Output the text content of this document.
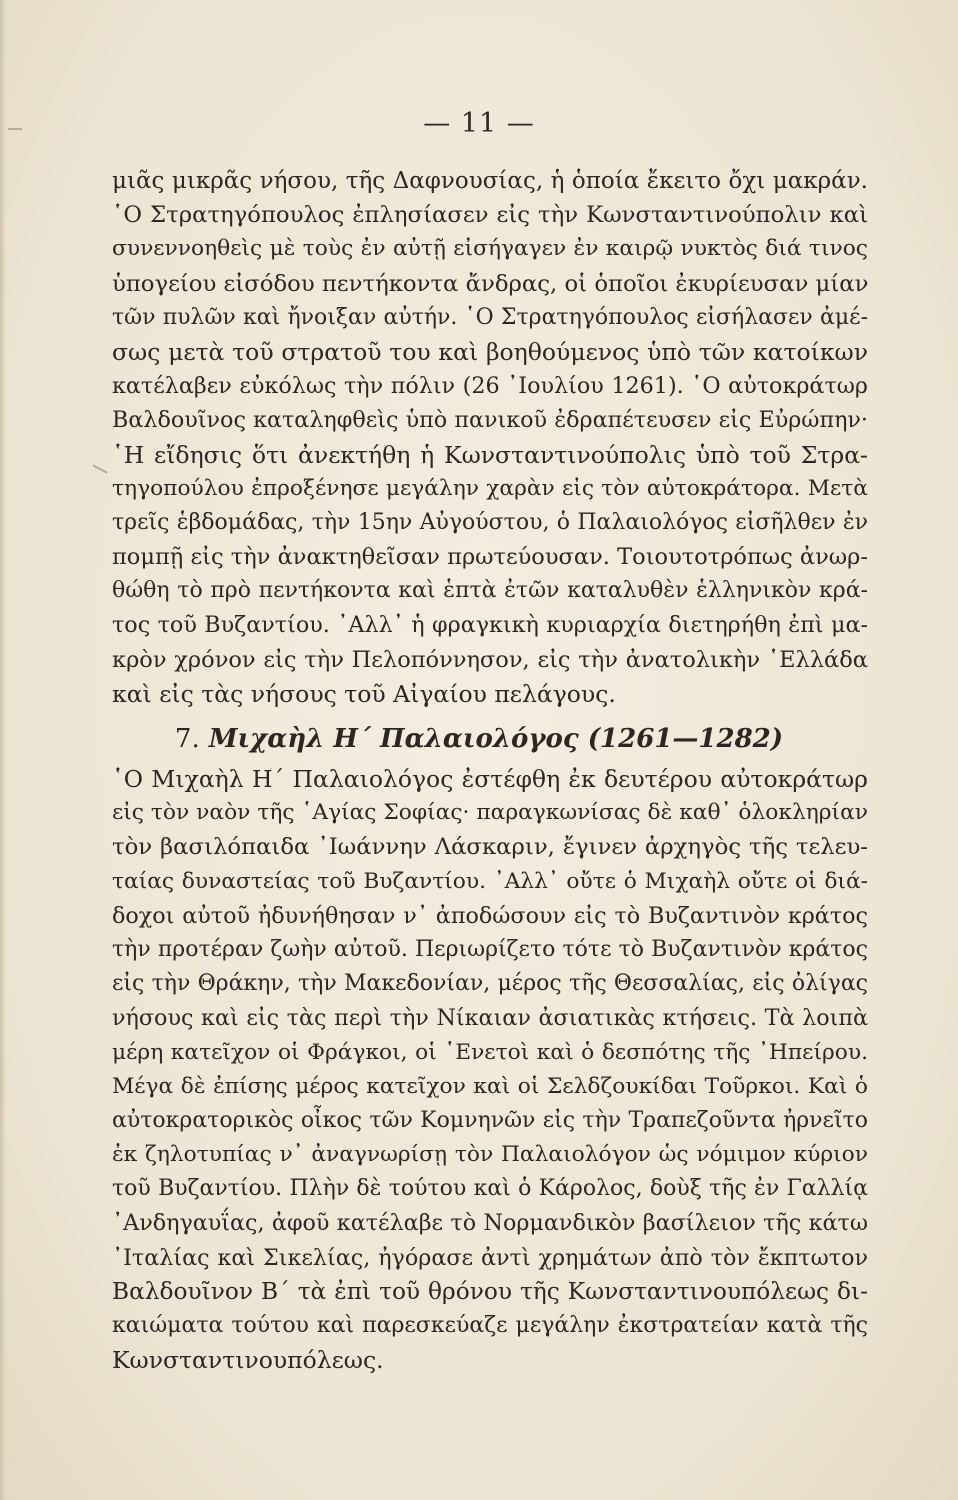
— 11 —
μιᾶς μικρᾶς νήσου, τῆς Δαφνουσίας, ἡ ὁποία ἔκειτο ὄχι μακράν.
῾Ο Στρατηγόπουλος ἐπλησίασεν εἰς τὴν Κωνσταντινούπολιν καὶ
συνεννοηθεὶς μὲ τοὺς ἐν αὐτῇ εἰσήγαγεν ἐν καιρῷ νυκτὸς διά τινος
ὑπογείου εἰσόδου πεντήκοντα ἄνδρας, οἱ ὁποῖοι ἐκυρίευσαν μίαν
τῶν πυλῶν καὶ ἤνοιξαν αὐτήν. ῾Ο Στρατηγόπουλος εἰσήλασεν ἀμέ-
σως μετὰ τοῦ στρατοῦ του καὶ βοηθούμενος ὑπὸ τῶν κατοίκων
κατέλαβεν εὐκόλως τὴν πόλιν (26 ᾿Ιουλίου 1261). ῾Ο αὐτοκράτωρ
Βαλδουῖνος καταληφθεὶς ὑπὸ πανικοῦ ἐδραπέτευσεν εἰς Εὐρώπην·
῾Η εἴδησις ὅτι ἀνεκτήθη ἡ Κωνσταντινούπολις ὑπὸ τοῦ Στρα-
τηγοπούλου ἐπροξένησε μεγάλην χαρὰν εἰς τὸν αὐτοκράτορα. Μετὰ
τρεῖς ἑβδομάδας, τὴν 15ην Αὐγούστου, ὁ Παλαιολόγος εἰσῆλθεν ἐν
πομπῇ εἰς τὴν ἀνακτηθεῖσαν πρωτεύουσαν. Τοιουτοτρόπως ἀνωρ-
θώθη τὸ πρὸ πεντήκοντα καὶ ἑπτὰ ἐτῶν καταλυθὲν ἑλληνικὸν κρά-
τος τοῦ Βυζαντίου. ᾿Αλλ᾿ ἡ φραγκικὴ κυριαρχία διετηρήθη ἐπὶ μα-
κρὸν χρόνον εἰς τὴν Πελοπόννησον, εἰς τὴν ἀνατολικὴν ῾Ελλάδα
καὶ εἰς τὰς νήσους τοῦ Αἰγαίου πελάγους.
7. Μιχαὴλ Η΄ Παλαιολόγος (1261—1282)
῾Ο Μιχαὴλ Η΄ Παλαιολόγος ἐστέφθη ἐκ δευτέρου αὐτοκράτωρ
εἰς τὸν ναὸν τῆς ῾Αγίας Σοφίας· παραγκωνίσας δὲ καθ᾿ ὁλοκληρίαν
τὸν βασιλόπαιδα ᾿Ιωάννην Λάσκαριν, ἔγινεν ἀρχηγὸς τῆς τελευ-
ταίας δυναστείας τοῦ Βυζαντίου. ᾿Αλλ᾿ οὔτε ὁ Μιχαὴλ οὔτε οἱ διά-
δοχοι αὐτοῦ ἠδυνήθησαν ν᾿ ἀποδώσουν εἰς τὸ Βυζαντινὸν κράτος
τὴν προτέραν ζωὴν αὐτοῦ. Περιωρίζετο τότε τὸ Βυζαντινὸν κράτος
εἰς τὴν Θράκην, τὴν Μακεδονίαν, μέρος τῆς Θεσσαλίας, εἰς ὀλίγας
νήσους καὶ εἰς τὰς περὶ τὴν Νίκαιαν ἀσιατικὰς κτήσεις. Τὰ λοιπὰ
μέρη κατεῖχον οἱ Φράγκοι, οἱ ῾Ενετοὶ καὶ ὁ δεσπότης τῆς ᾿Ηπείρου.
Μέγα δὲ ἐπίσης μέρος κατεῖχον καὶ οἱ Σελδζουκίδαι Τοῦρκοι. Καὶ ὁ
αὐτοκρατορικὸς οἶκος τῶν Κομνηνῶν εἰς τὴν Τραπεζοῦντα ἠρνεῖτο
ἐκ ζηλοτυπίας ν᾿ ἀναγνωρίσῃ τὸν Παλαιολόγον ὡς νόμιμον κύριον
τοῦ Βυζαντίου. Πλὴν δὲ τούτου καὶ ὁ Κάρολος, δοὺξ τῆς ἐν Γαλλίᾳ
᾿Ανδηγαυΐας, ἀφοῦ κατέλαβε τὸ Νορμανδικὸν βασίλειον τῆς κάτω
᾿Ιταλίας καὶ Σικελίας, ἠγόρασε ἀντὶ χρημάτων ἀπὸ τὸν ἔκπτωτον
Βαλδουῖνον Β΄ τὰ ἐπὶ τοῦ θρόνου τῆς Κωνσταντινουπόλεως δι-
καιώματα τούτου καὶ παρεσκεύαζε μεγάλην ἐκστρατείαν κατὰ τῆς
Κωνσταντινουπόλεως.
